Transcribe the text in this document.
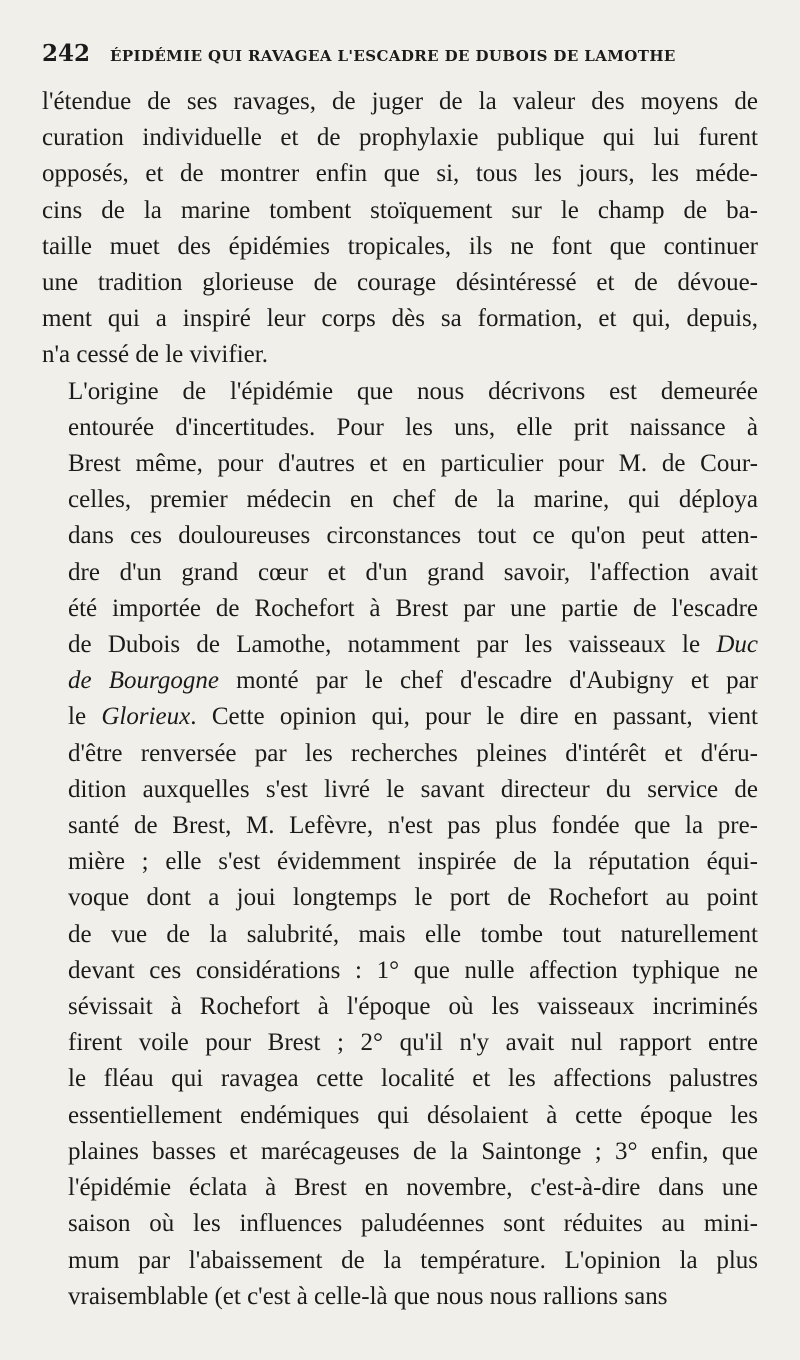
242 ÉPIDÉMIE QUI RAVAGEA L'ESCADRE DE DUBOIS DE LAMOTHE

l'étendue de ses ravages, de juger de la valeur des moyens de
curation individuelle et de prophylaxie publique qui lui furent
opposés, et de montrer enfin que si, tous les jours, les méde-
cins de la marine tombent stoïquement sur le champ de ba-
taille muet des épidémies tropicales, ils ne font que continuer
une tradition glorieuse de courage désintéressé et de dévoue-
ment qui a inspiré leur corps dès sa formation, et qui, depuis,
n'a cessé de le vivifier.

L'origine de l'épidémie que nous décrivons est demeurée
entourée d'incertitudes. Pour les uns, elle prit naissance à
Brest même, pour d'autres et en particulier pour M. de Cour-
celles, premier médecin en chef de la marine, qui déploya
dans ces douloureuses circonstances tout ce qu'on peut atten-
dre d'un grand cœur et d'un grand savoir, l'affection avait
été importée de Rochefort à Brest par une partie de l'escadre
de Dubois de Lamothe, notamment par les vaisseaux le Duc
de Bourgogne monté par le chef d'escadre d'Aubigny et par
le Glorieux. Cette opinion qui, pour le dire en passant, vient
d'être renversée par les recherches pleines d'intérêt et d'éru-
dition auxquelles s'est livré le savant directeur du service de
santé de Brest, M. Lefèvre, n'est pas plus fondée que la pre-
mière ; elle s'est évidemment inspirée de la réputation équi-
voque dont a joui longtemps le port de Rochefort au point
de vue de la salubrité, mais elle tombe tout naturellement
devant ces considérations : 1° que nulle affection typhique ne
sévissait à Rochefort à l'époque où les vaisseaux incriminés
firent voile pour Brest ; 2° qu'il n'y avait nul rapport entre
le fléau qui ravagea cette localité et les affections palustres
essentiellement endémiques qui désolaient à cette époque les
plaines basses et marécageuses de la Saintonge ; 3° enfin, que
l'épidémie éclata à Brest en novembre, c'est-à-dire dans une
saison où les influences paludéennes sont réduites au mini-
mum par l'abaissement de la température. L'opinion la plus
vraisemblable (et c'est à celle-là que nous nous rallions sans
